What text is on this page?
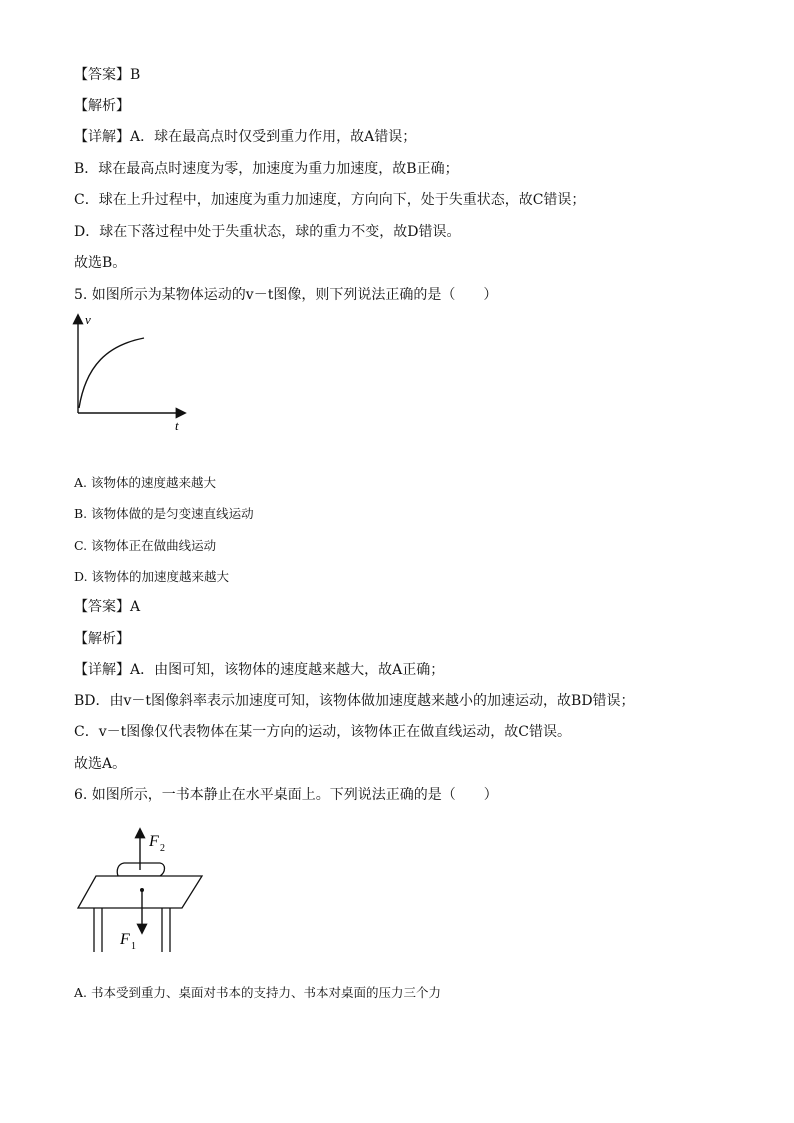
【答案】B
【解析】
【详解】A．球在最高点时仅受到重力作用，故A错误；
B．球在最高点时速度为零，加速度为重力加速度，故B正确；
C．球在上升过程中，加速度为重力加速度，方向向下，处于失重状态，故C错误；
D．球在下落过程中处于失重状态，球的重力不变，故D错误。
故选B。
5. 如图所示为某物体运动的v－t图像，则下列说法正确的是（　　）
v
t
A. 该物体的速度越来越大
B. 该物体做的是匀变速直线运动
C. 该物体正在做曲线运动
D. 该物体的加速度越来越大
【答案】A
【解析】
【详解】A．由图可知，该物体的速度越来越大，故A正确；
BD．由v－t图像斜率表示加速度可知，该物体做加速度越来越小的加速运动，故BD错误；
C．v－t图像仅代表物体在某一方向的运动，该物体正在做直线运动，故C错误。
故选A。
6. 如图所示，一书本静止在水平桌面上。下列说法正确的是（　　）
F 2
F 1
A. 书本受到重力、桌面对书本的支持力、书本对桌面的压力三个力
